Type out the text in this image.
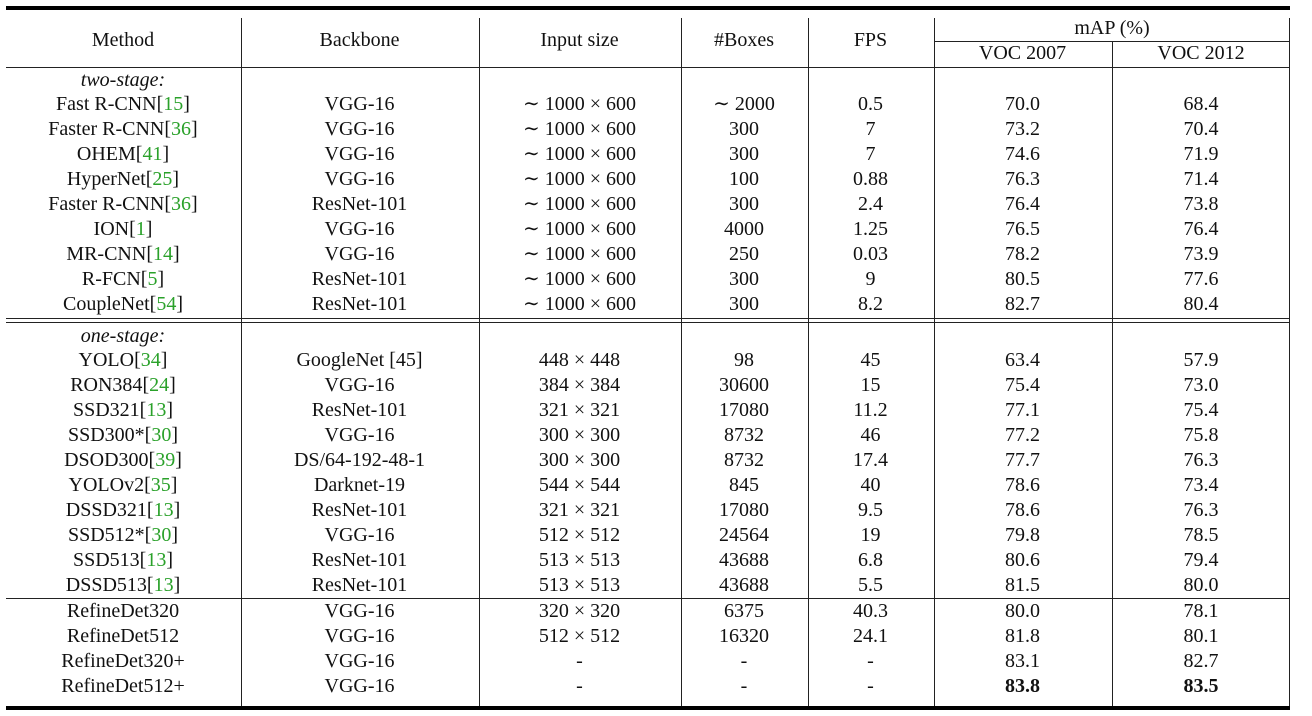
Method	Backbone	Input size	#Boxes	FPS
mAP (%)
VOC 2007	VOC 2012
two-stage:
Fast R-CNN[15]	VGG-16	∼ 1000 × 600	∼ 2000	0.5	70.0	68.4
Faster R-CNN[36]	VGG-16	∼ 1000 × 600	300	7	73.2	70.4
OHEM[41]	VGG-16	∼ 1000 × 600	300	7	74.6	71.9
HyperNet[25]	VGG-16	∼ 1000 × 600	100	0.88	76.3	71.4
Faster R-CNN[36]	ResNet-101	∼ 1000 × 600	300	2.4	76.4	73.8
ION[1]	VGG-16	∼ 1000 × 600	4000	1.25	76.5	76.4
MR-CNN[14]	VGG-16	∼ 1000 × 600	250	0.03	78.2	73.9
R-FCN[5]	ResNet-101	∼ 1000 × 600	300	9	80.5	77.6
CoupleNet[54]	ResNet-101	∼ 1000 × 600	300	8.2	82.7	80.4
one-stage:
YOLO[34]	GoogleNet [45]	448 × 448	98	45	63.4	57.9
RON384[24]	VGG-16	384 × 384	30600	15	75.4	73.0
SSD321[13]	ResNet-101	321 × 321	17080	11.2	77.1	75.4
SSD300*[30]	VGG-16	300 × 300	8732	46	77.2	75.8
DSOD300[39]	DS/64-192-48-1	300 × 300	8732	17.4	77.7	76.3
YOLOv2[35]	Darknet-19	544 × 544	845	40	78.6	73.4
DSSD321[13]	ResNet-101	321 × 321	17080	9.5	78.6	76.3
SSD512*[30]	VGG-16	512 × 512	24564	19	79.8	78.5
SSD513[13]	ResNet-101	513 × 513	43688	6.8	80.6	79.4
DSSD513[13]	ResNet-101	513 × 513	43688	5.5	81.5	80.0
RefineDet320	VGG-16	320 × 320	6375	40.3	80.0	78.1
RefineDet512	VGG-16	512 × 512	16320	24.1	81.8	80.1
RefineDet320+	VGG-16	-	-	-	83.1	82.7
RefineDet512+	VGG-16	-	-	-	83.8	83.5
